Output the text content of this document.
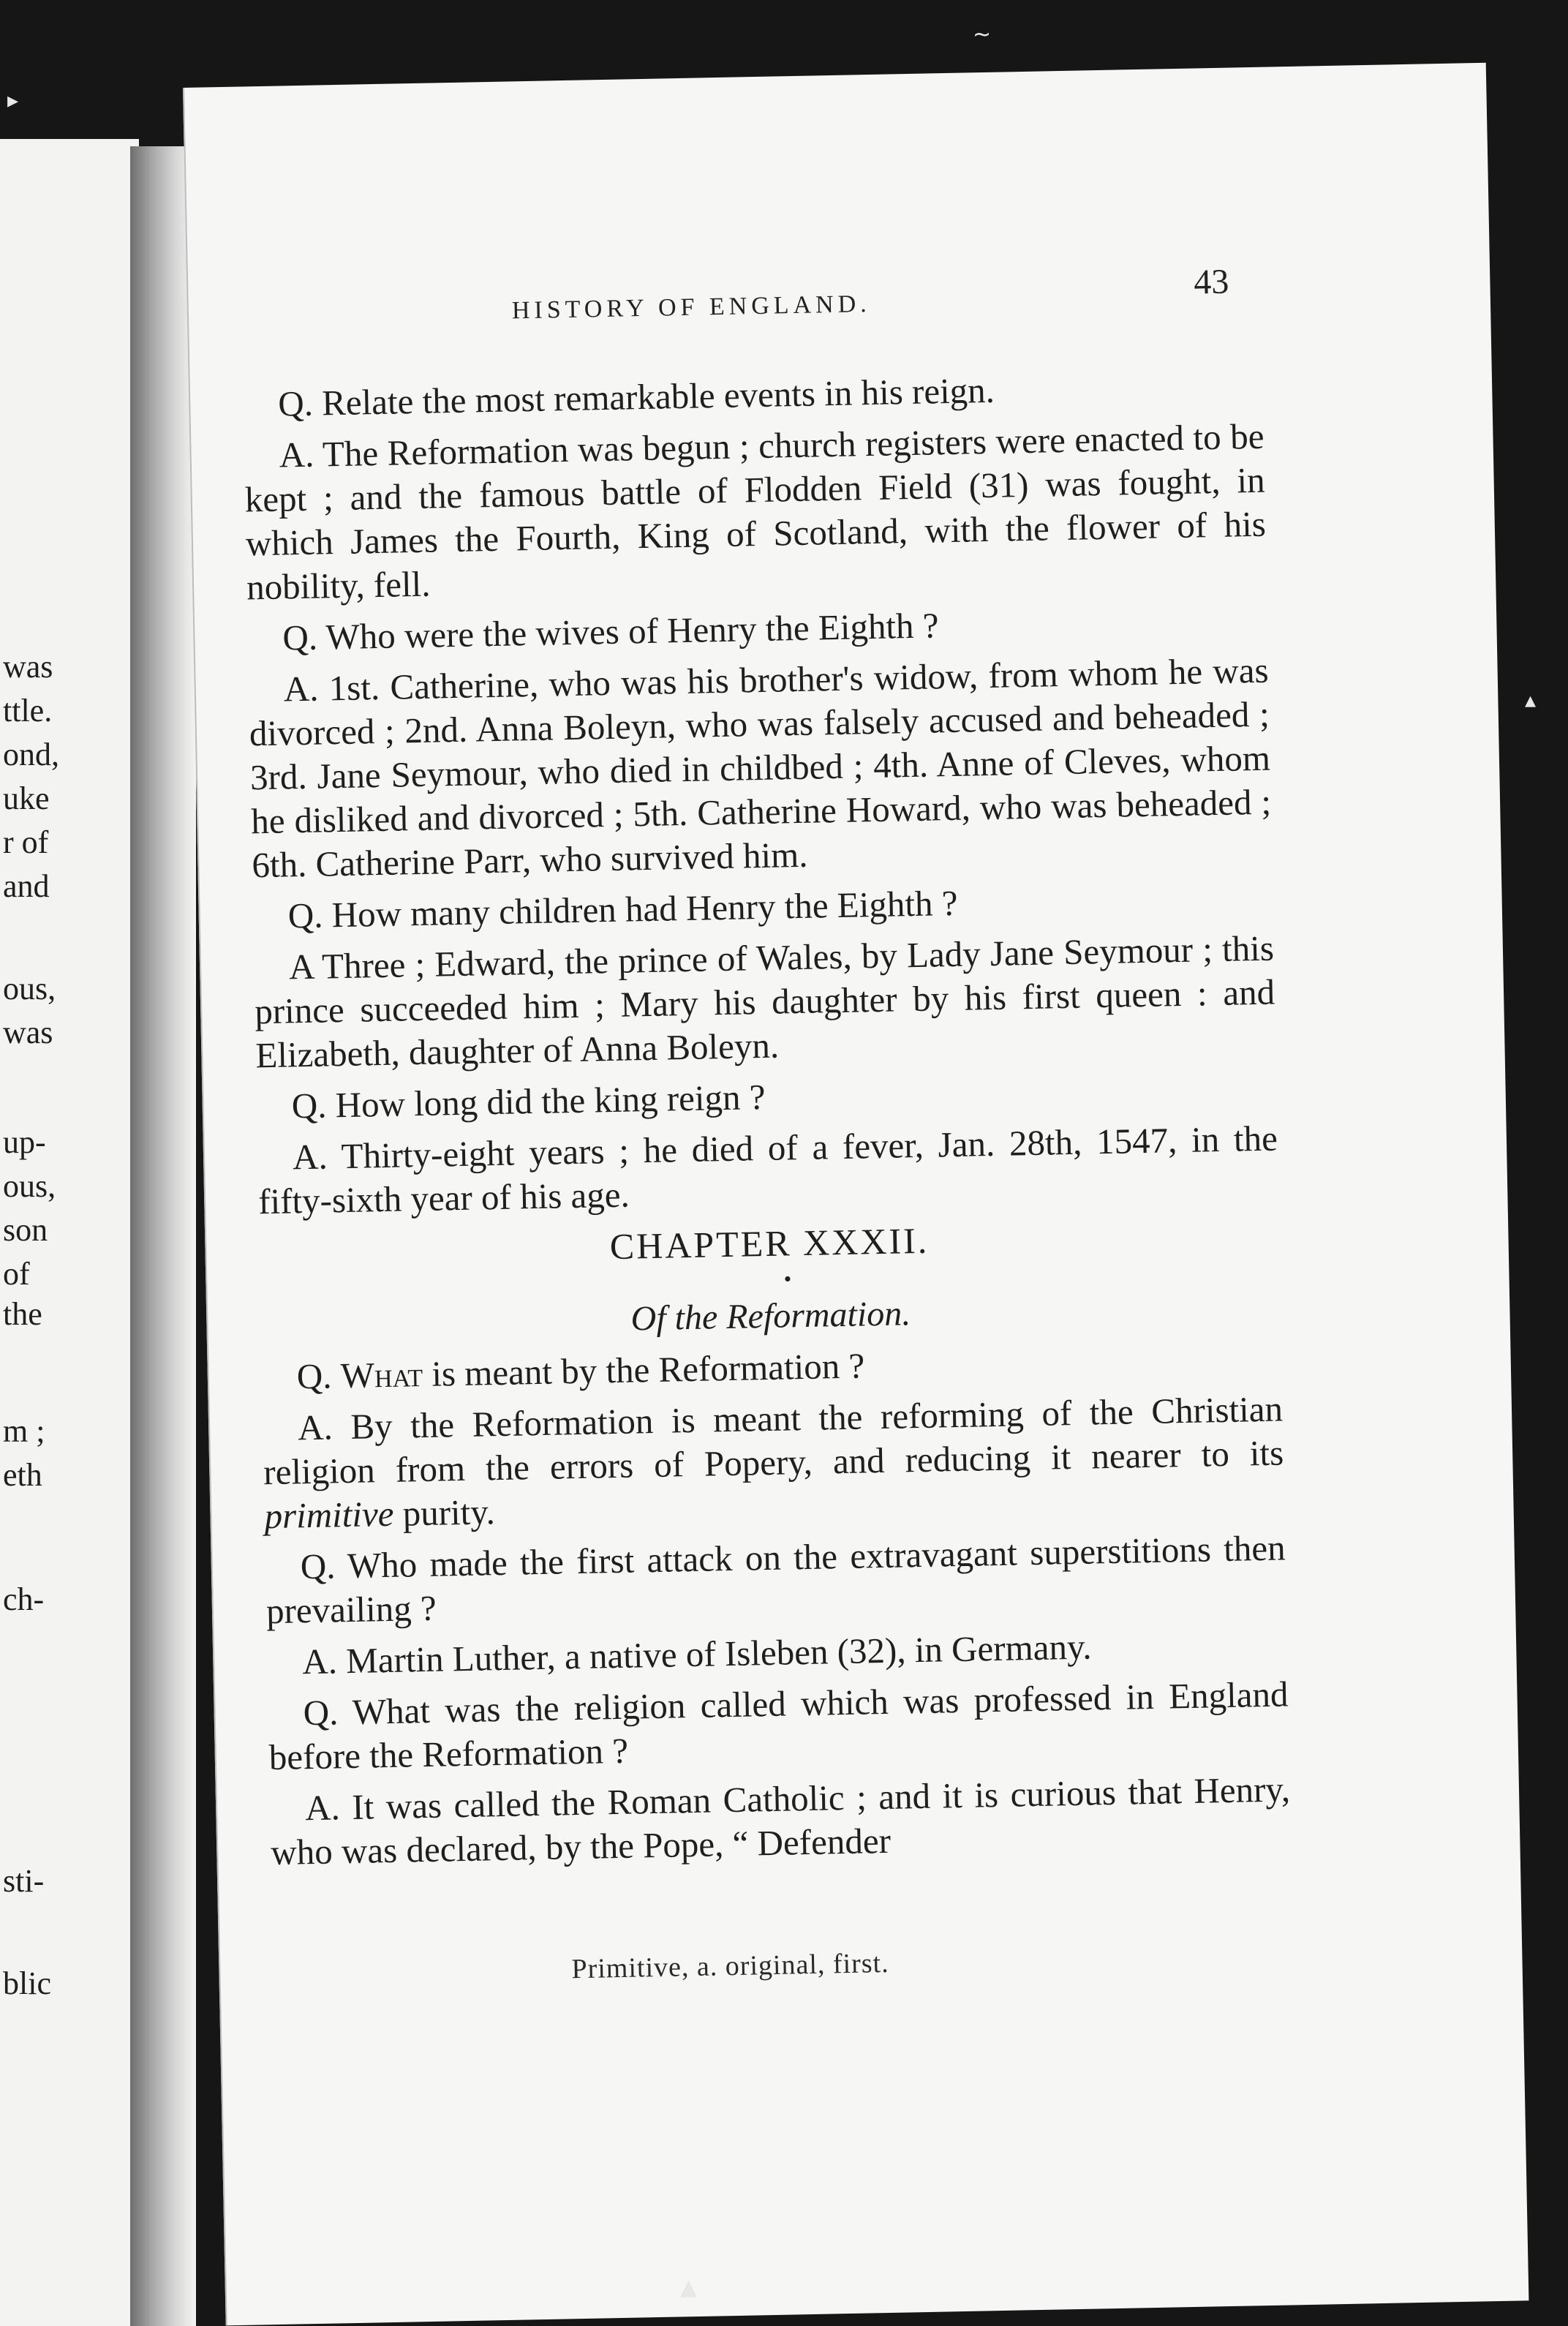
was
ttle.
ond,
uke
r of
and
ous,
was
up-
ous,
son
of
the
m ;
eth
ch-
sti-
blic
HISTORY OF ENGLAND.
43

Q. Relate the most remarkable events in his reign.

A. The Reformation was begun ; church registers were enacted to be kept ; and the famous battle of Flodden Field (31) was fought, in which James the Fourth, King of Scotland, with the flower of his nobility, fell.

Q. Who were the wives of Henry the Eighth ?

A. 1st. Catherine, who was his brother's widow, from whom he was divorced ; 2nd. Anna Boleyn, who was falsely accused and beheaded ; 3rd. Jane Seymour, who died in childbed ; 4th. Anne of Cleves, whom he disliked and divorced ; 5th. Catherine Howard, who was beheaded ; 6th. Catherine Parr, who survived him.

Q. How many children had Henry the Eighth ?

A Three ; Edward, the prince of Wales, by Lady Jane Seymour ; this prince succeeded him ; Mary his daughter by his first queen : and Elizabeth, daughter of Anna Boleyn.

Q. How long did the king reign ?

A. Thirty-eight years ; he died of a fever, Jan. 28th, 1547, in the fifty-sixth year of his age.

CHAPTER XXXII.

•

Of the Reformation.

Q. What is meant by the Reformation ?

A. By the Reformation is meant the reforming of the Christian religion from the errors of Popery, and reducing it nearer to its primitive purity.

Q. Who made the first attack on the extravagant superstitions then prevailing ?

A. Martin Luther, a native of Isleben (32), in Germany.

Q. What was the religion called which was professed in England before the Reformation ?

A. It was called the Roman Catholic ; and it is curious that Henry, who was declared, by the Pope, “ Defender

Primitive, a. original, first.
~
▴
▲
▸
